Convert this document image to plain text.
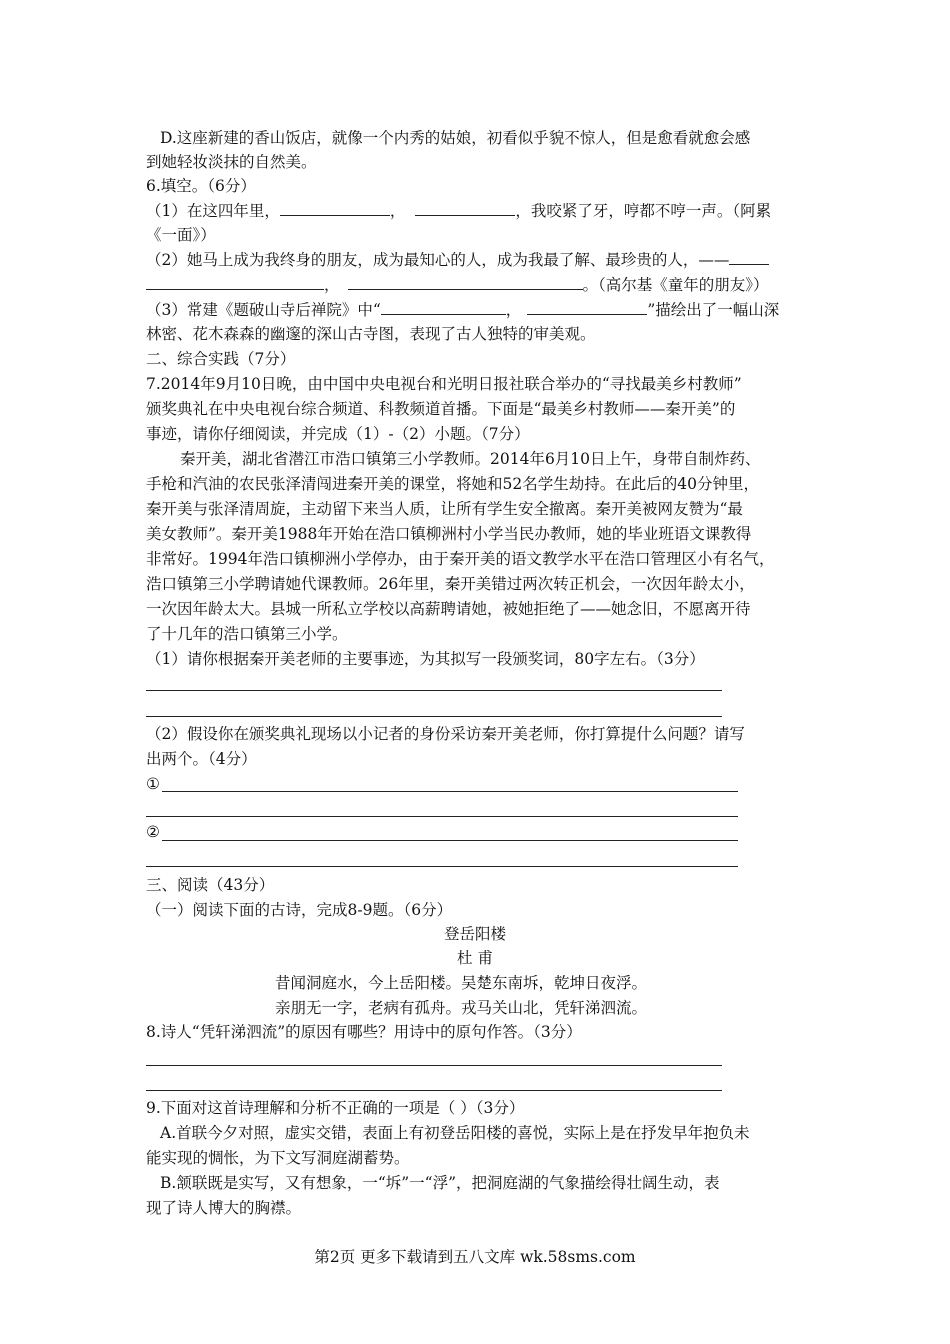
D.这座新建的香山饭店，就像一个内秀的姑娘，初看似乎貌不惊人，但是愈看就愈会感
到她轻妆淡抹的自然美。
6.填空。（6分）
（1）在这四年里，	，	，我咬紧了牙，哼都不哼一声。（阿累
《一面》）
（2）她马上成为我终身的朋友，成为最知心的人，成为我最了解、最珍贵的人，——
，	。（高尔基《童年的朋友》）
（3）常建《题破山寺后禅院》中“	，	”描绘出了一幅山深
林密、花木森森的幽邃的深山古寺图，表现了古人独特的审美观。
二、综合实践（7分）
7.2014年9月10日晚，由中国中央电视台和光明日报社联合举办的“寻找最美乡村教师”
颁奖典礼在中央电视台综合频道、科教频道首播。下面是“最美乡村教师——秦开美”的
事迹，请你仔细阅读，并完成（1）-（2）小题。（7分）
秦开美，湖北省潜江市浩口镇第三小学教师。2014年6月10日上午，身带自制炸药、
手枪和汽油的农民张泽清闯进秦开美的课堂，将她和52名学生劫持。在此后的40分钟里，
秦开美与张泽清周旋，主动留下来当人质，让所有学生安全撤离。秦开美被网友赞为“最
美女教师”。秦开美1988年开始在浩口镇柳洲村小学当民办教师，她的毕业班语文课教得
非常好。1994年浩口镇柳洲小学停办，由于秦开美的语文教学水平在浩口管理区小有名气，
浩口镇第三小学聘请她代课教师。26年里，秦开美错过两次转正机会，一次因年龄太小，
一次因年龄太大。县城一所私立学校以高薪聘请她，被她拒绝了——她念旧，不愿离开待
了十几年的浩口镇第三小学。
（1）请你根据秦开美老师的主要事迹，为其拟写一段颁奖词，80字左右。（3分）
（2）假设你在颁奖典礼现场以小记者的身份采访秦开美老师，你打算提什么问题？请写
出两个。（4分）
①
②
三、阅读（43分）
（一）阅读下面的古诗，完成8-9题。（6分）
登岳阳楼
杜 甫
昔闻洞庭水，今上岳阳楼。吴楚东南坼，乾坤日夜浮。
亲朋无一字，老病有孤舟。戎马关山北，凭轩涕泗流。
8.诗人“凭轩涕泗流”的原因有哪些？用诗中的原句作答。（3分）
9.下面对这首诗理解和分析不正确的一项是（ ）（3分）
A.首联今夕对照，虚实交错，表面上有初登岳阳楼的喜悦，实际上是在抒发早年抱负未
能实现的惆怅，为下文写洞庭湖蓄势。
B.颔联既是实写，又有想象，一“坼”一“浮”，把洞庭湖的气象描绘得壮阔生动，表
现了诗人博大的胸襟。
第2页 更多下载请到五八文库 wk.58sms.com
